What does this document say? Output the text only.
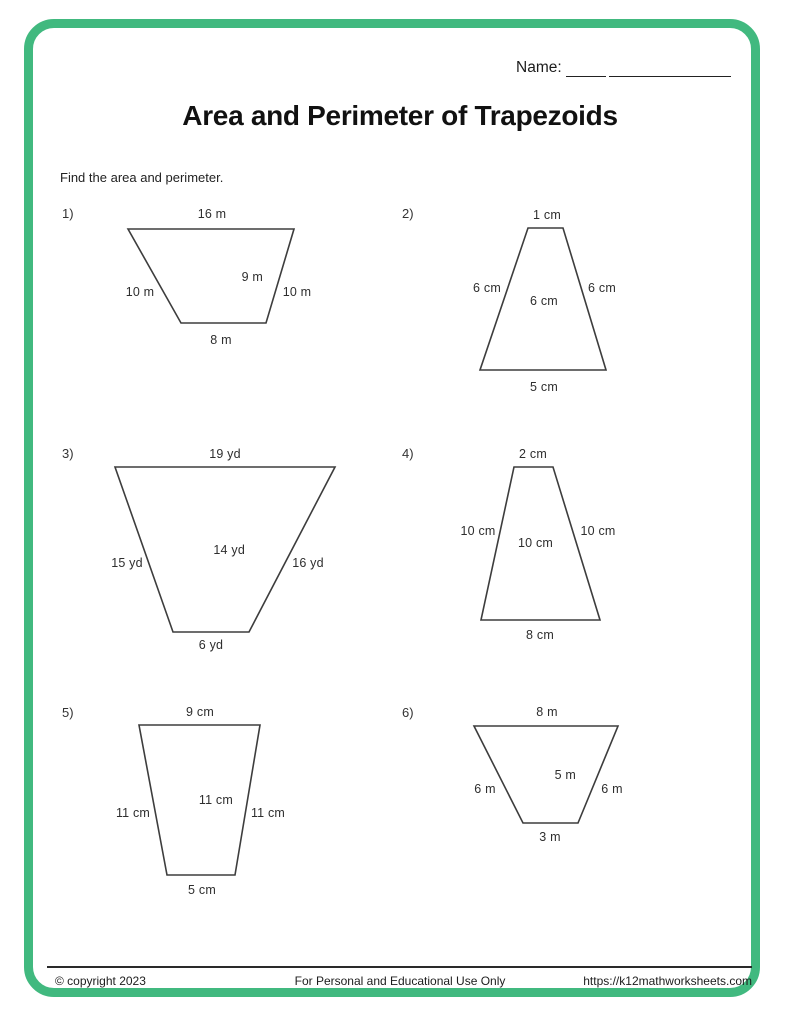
Name:
Area and Perimeter of Trapezoids
Find the area and perimeter.
1)	16 m
10 m
9 m
10 m
8 m
2)	1 cm
6 cm
6 cm
6 cm
5 cm
3)	19 yd
15 yd
14 yd
16 yd
6 yd
4)	2 cm
10 cm
10 cm
10 cm
8 cm
5)	9 cm
11 cm
11 cm
11 cm
5 cm
6)	8 m
6 m
5 m
6 m
3 m
© copyright 2023	For Personal and Educational Use Only	https://k12mathworksheets.com
